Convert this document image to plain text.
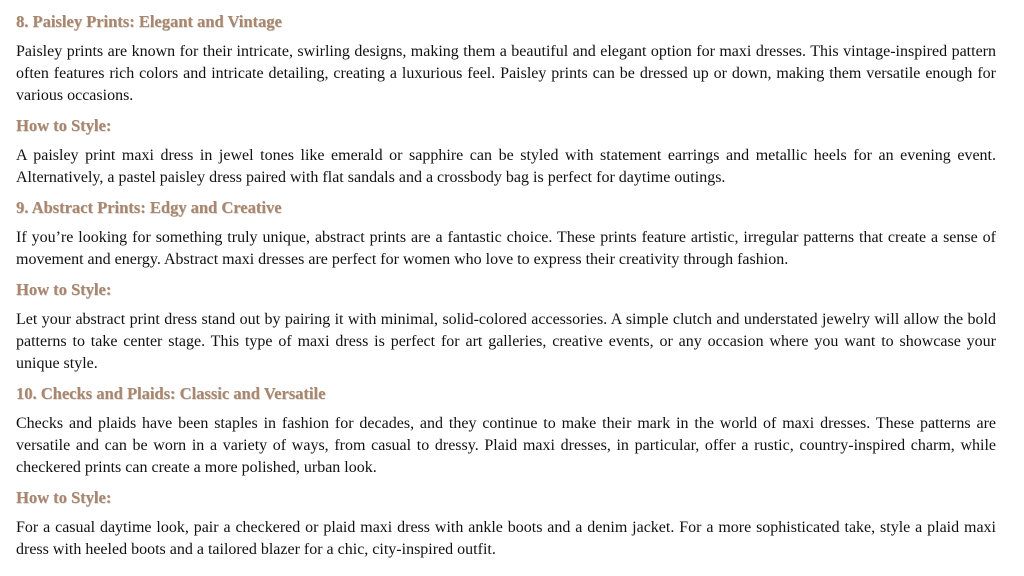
8. Paisley Prints: Elegant and Vintage

Paisley prints are known for their intricate, swirling designs, making them a beautiful and elegant option for maxi dresses. This vintage-inspired pattern often features rich colors and intricate detailing, creating a luxurious feel. Paisley prints can be dressed up or down, making them versatile enough for various occasions.

How to Style:

A paisley print maxi dress in jewel tones like emerald or sapphire can be styled with statement earrings and metallic heels for an evening event. Alternatively, a pastel paisley dress paired with flat sandals and a crossbody bag is perfect for daytime outings.

9. Abstract Prints: Edgy and Creative

If you’re looking for something truly unique, abstract prints are a fantastic choice. These prints feature artistic, irregular patterns that create a sense of movement and energy. Abstract maxi dresses are perfect for women who love to express their creativity through fashion.

How to Style:

Let your abstract print dress stand out by pairing it with minimal, solid-colored accessories. A simple clutch and understated jewelry will allow the bold patterns to take center stage. This type of maxi dress is perfect for art galleries, creative events, or any occasion where you want to showcase your unique style.

10. Checks and Plaids: Classic and Versatile

Checks and plaids have been staples in fashion for decades, and they continue to make their mark in the world of maxi dresses. These patterns are versatile and can be worn in a variety of ways, from casual to dressy. Plaid maxi dresses, in particular, offer a rustic, country-inspired charm, while checkered prints can create a more polished, urban look.

How to Style:

For a casual daytime look, pair a checkered or plaid maxi dress with ankle boots and a denim jacket. For a more sophisticated take, style a plaid maxi dress with heeled boots and a tailored blazer for a chic, city-inspired outfit.
